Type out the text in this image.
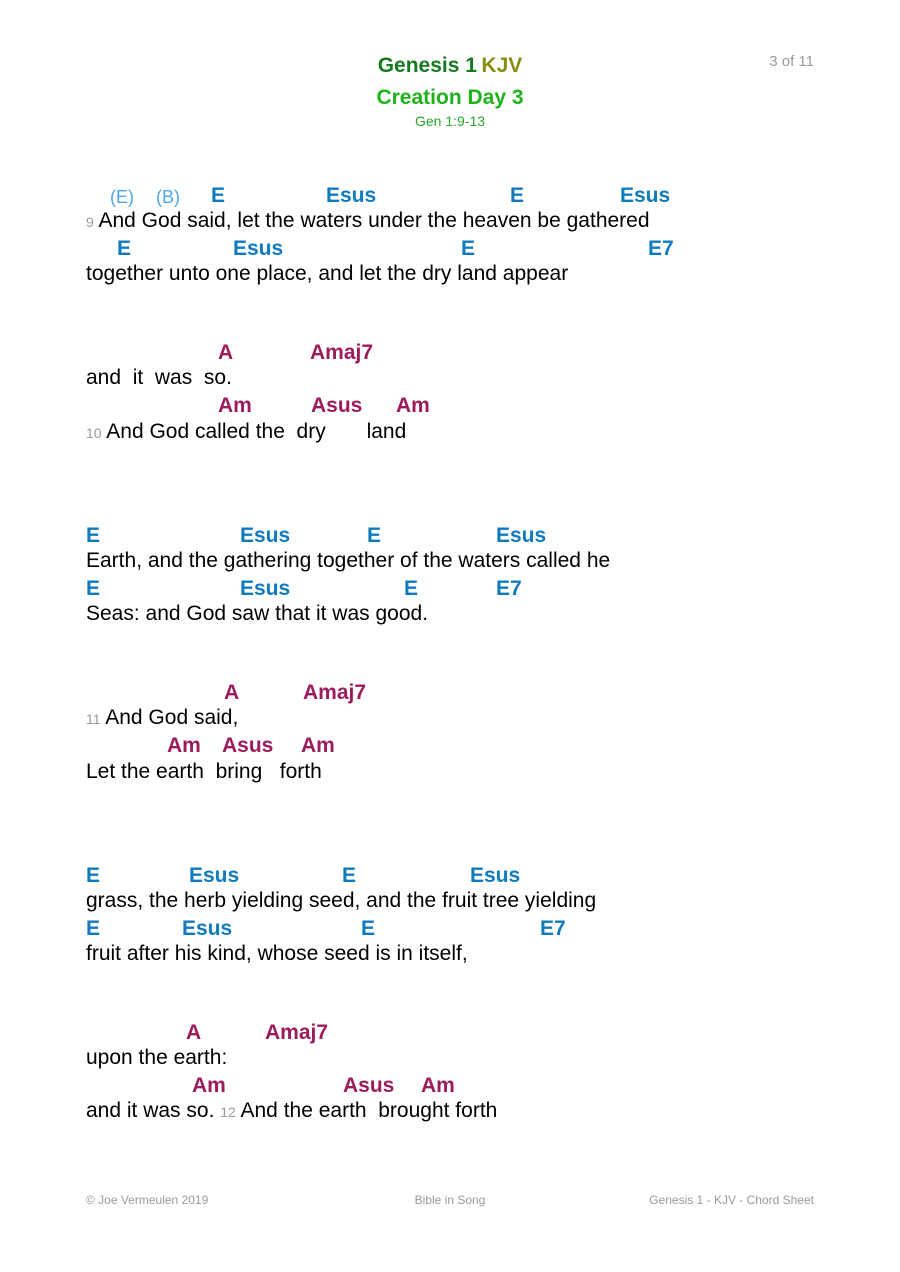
Genesis 1 KJV
Creation Day 3
Gen 1:9-13
3 of 11
(E) (B) E	Esus	E	Esus
9 And God said, let the waters under the heaven be gathered
E	Esus	E	E7
together unto one place, and let the dry land appear
A	Amaj7
and  it  was  so.
Am	Asus Am
10 And God called the  dry       land
E	Esus	E	Esus
Earth, and the gathering together of the waters called he
E	Esus	E	E7
Seas: and God saw that it was good.
A	Amaj7
11 And God said,
Am Asus Am
Let the earth  bring   forth
E	Esus	E	Esus
grass, the herb yielding seed, and the fruit tree yielding
E	Esus	E	E7
fruit after his kind, whose seed is in itself,
A	Amaj7
upon the earth:
Am	Asus Am
and it was so. 12 And the earth  brought forth
© Joe Vermeulen 2019	Bible in Song	Genesis 1 - KJV - Chord Sheet
